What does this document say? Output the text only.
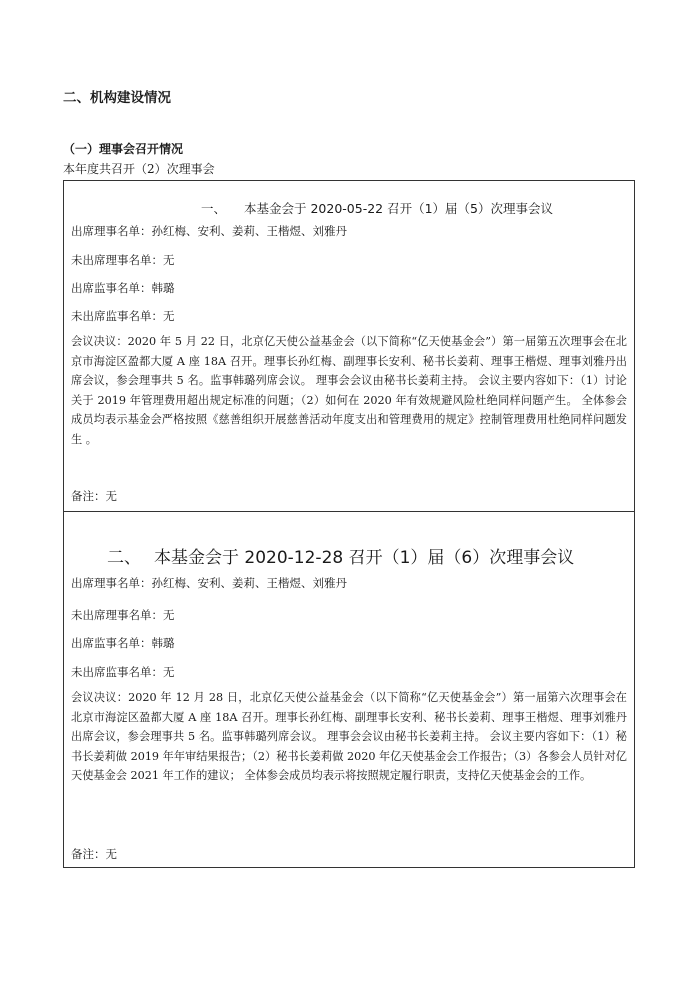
二、机构建设情况
（一）理事会召开情况
本年度共召开（2）次理事会
一、 本基金会于 2020-05-22 召开（1）届（5）次理事会议
出席理事名单：孙红梅、安利、姜莉、王楷煜、刘雅丹
未出席理事名单：无
出席监事名单：韩璐
未出席监事名单：无
会议决议：2020 年 5 月 22 日，北京亿天使公益基金会（以下简称“亿天使基金会”）第一届第五次理事会在北京市海淀区盈都大厦 A 座 18A 召开。理事长孙红梅、副理事长安利、秘书长姜莉、理事王楷煜、理事刘雅丹出席会议，参会理事共 5 名。监事韩璐列席会议。 理事会会议由秘书长姜莉主持。 会议主要内容如下：（1）讨论关于 2019 年管理费用超出规定标准的问题；（2）如何在 2020 年有效规避风险杜绝同样问题产生。 全体参会成员均表示基金会严格按照《慈善组织开展慈善活动年度支出和管理费用的规定》控制管理费用杜绝同样问题发生 。
备注：无
二、 本基金会于 2020-12-28 召开（1）届（6）次理事会议
出席理事名单：孙红梅、安利、姜莉、王楷煜、刘雅丹
未出席理事名单：无
出席监事名单：韩璐
未出席监事名单：无
会议决议：2020 年 12 月 28 日，北京亿天使公益基金会（以下简称“亿天使基金会”）第一届第六次理事会在北京市海淀区盈都大厦 A 座 18A 召开。理事长孙红梅、副理事长安利、秘书长姜莉、理事王楷煜、理事刘雅丹出席会议，参会理事共 5 名。监事韩璐列席会议。 理事会会议由秘书长姜莉主持。 会议主要内容如下：（1）秘书长姜莉做 2019 年年审结果报告；（2）秘书长姜莉做 2020 年亿天使基金会工作报告；（3）各参会人员针对亿天使基金会 2021 年工作的建议； 全体参会成员均表示将按照规定履行职责，支持亿天使基金会的工作。
备注：无
